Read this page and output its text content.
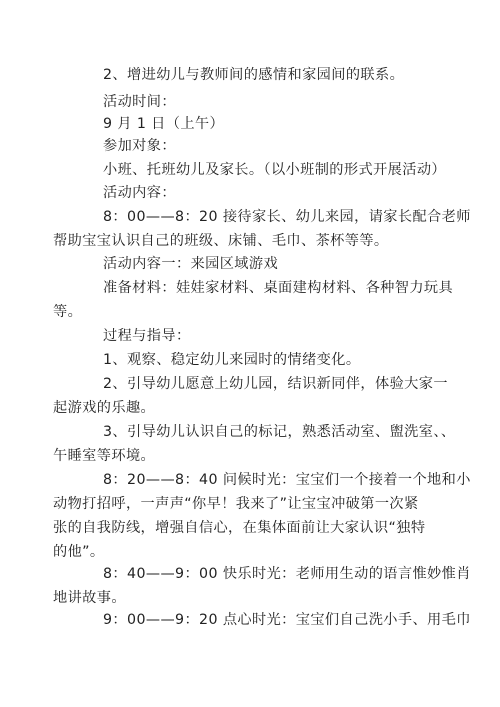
2、增进幼儿与教师间的感情和家园间的联系。

活动时间：

9 月 1 日（上午）

参加对象：

小班、托班幼儿及家长。（以小班制的形式开展活动）

活动内容：

8：00——8：20 接待家长、幼儿来园，请家长配合老师
帮助宝宝认识自己的班级、床铺、毛巾、茶杯等等。

活动内容一：来园区域游戏

准备材料：娃娃家材料、桌面建构材料、各种智力玩具
等。

过程与指导：

1、观察、稳定幼儿来园时的情绪变化。

2、引导幼儿愿意上幼儿园，结识新同伴，体验大家一
起游戏的乐趣。

3、引导幼儿认识自己的标记，熟悉活动室、盥洗室、、
午睡室等环境。

8：20——8：40 问候时光：宝宝们一个接着一个地和小
动物打招呼，一声声“你早！我来了”让宝宝冲破第一次紧
张的自我防线，增强自信心，在集体面前让大家认识“独特
的他”。

8：40——9：00 快乐时光：老师用生动的语言惟妙惟肖
地讲故事。

9：00——9：20 点心时光：宝宝们自己洗小手、用毛巾
